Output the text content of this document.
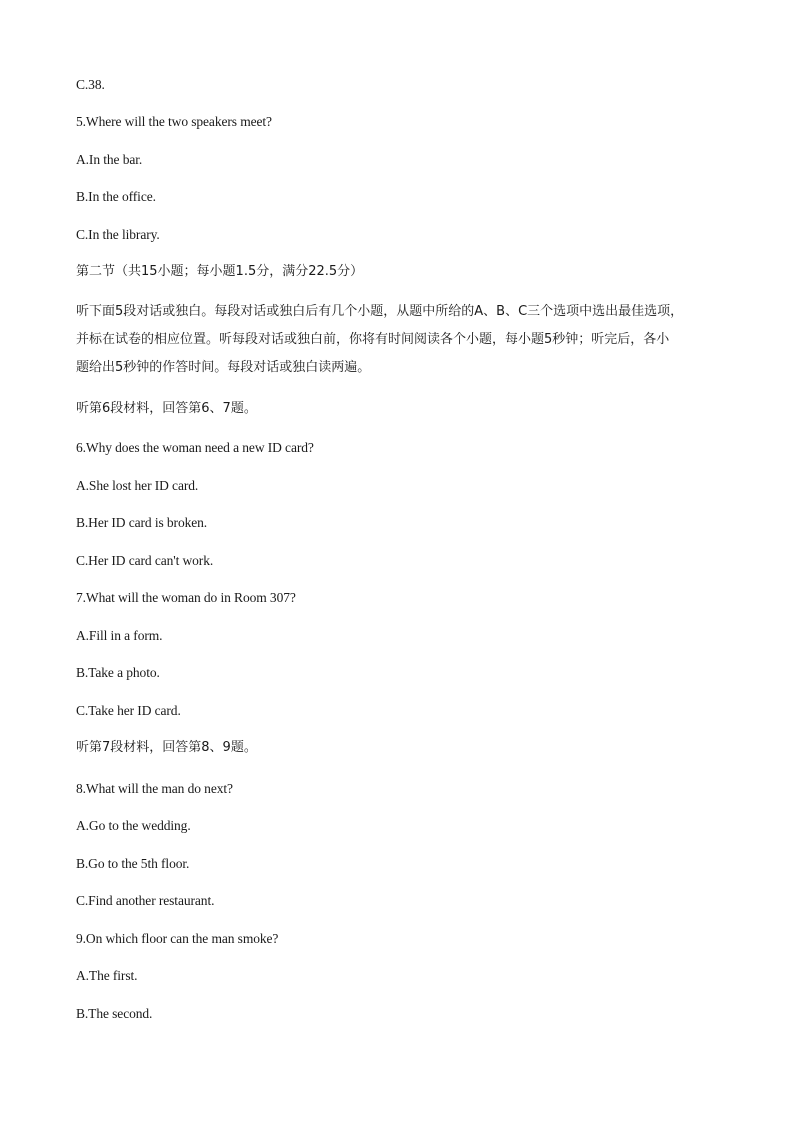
C.38.
5.Where will the two speakers meet?
A.In the bar.
B.In the office.
C.In the library.
第二节（共15小题；每小题1.5分，满分22.5分）
听下面5段对话或独白。每段对话或独白后有几个小题，从题中所给的A、B、C三个选项中选出最佳选项，
并标在试卷的相应位置。听每段对话或独白前，你将有时间阅读各个小题，每小题5秒钟；听完后，各小
题给出5秒钟的作答时间。每段对话或独白读两遍。
听第6段材料，回答第6、7题。
6.Why does the woman need a new ID card?
A.She lost her ID card.
B.Her ID card is broken.
C.Her ID card can't work.
7.What will the woman do in Room 307?
A.Fill in a form.
B.Take a photo.
C.Take her ID card.
听第7段材料，回答第8、9题。
8.What will the man do next?
A.Go to the wedding.
B.Go to the 5th floor.
C.Find another restaurant.
9.On which floor can the man smoke?
A.The first.
B.The second.
